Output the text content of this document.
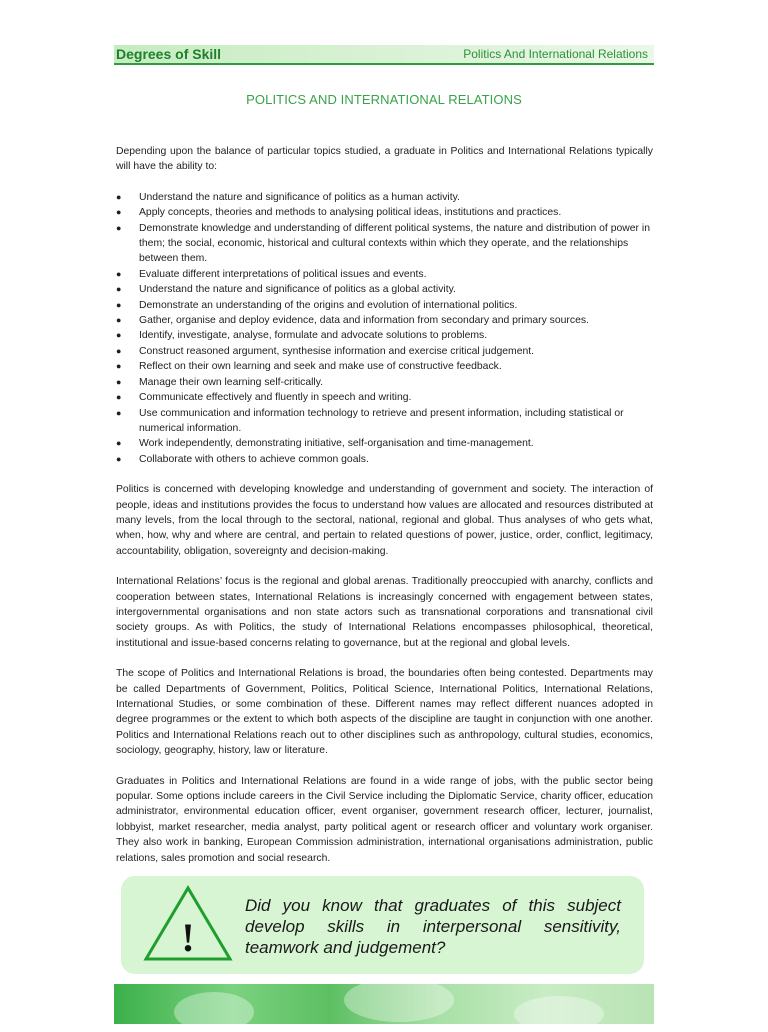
Degrees of Skill	Politics And International Relations
POLITICS AND INTERNATIONAL RELATIONS

Depending upon the balance of particular topics studied, a graduate in Politics and International Relations typically will have the ability to:

● Understand the nature and significance of politics as a human activity.
● Apply concepts, theories and methods to analysing political ideas, institutions and practices.
● Demonstrate knowledge and understanding of different political systems, the nature and distribution of power in them; the social, economic, historical and cultural contexts within which they operate, and the relationships between them.
● Evaluate different interpretations of political issues and events.
● Understand the nature and significance of politics as a global activity.
● Demonstrate an understanding of the origins and evolution of international politics.
● Gather, organise and deploy evidence, data and information from secondary and primary sources.
● Identify, investigate, analyse, formulate and advocate solutions to problems.
● Construct reasoned argument, synthesise information and exercise critical judgement.
● Reflect on their own learning and seek and make use of constructive feedback.
● Manage their own learning self-critically.
● Communicate effectively and fluently in speech and writing.
● Use communication and information technology to retrieve and present information, including statistical or numerical information.
● Work independently, demonstrating initiative, self-organisation and time-management.
● Collaborate with others to achieve common goals.

Politics is concerned with developing knowledge and understanding of government and society. The interaction of people, ideas and institutions provides the focus to understand how values are allocated and resources distributed at many levels, from the local through to the sectoral, national, regional and global. Thus analyses of who gets what, when, how, why and where are central, and pertain to related questions of power, justice, order, conflict, legitimacy, accountability, obligation, sovereignty and decision-making.

International Relations’ focus is the regional and global arenas. Traditionally preoccupied with anarchy, conflicts and cooperation between states, International Relations is increasingly concerned with engagement between states, intergovernmental organisations and non state actors such as transnational corporations and transnational civil society groups. As with Politics, the study of International Relations encompasses philosophical, theoretical, institutional and issue-based concerns relating to governance, but at the regional and global levels.

The scope of Politics and International Relations is broad, the boundaries often being contested. Departments may be called Departments of Government, Politics, Political Science, International Politics, International Relations, International Studies, or some combination of these. Different names may reflect different nuances adopted in degree programmes or the extent to which both aspects of the discipline are taught in conjunction with one another. Politics and International Relations reach out to other disciplines such as anthropology, cultural studies, economics, sociology, geography, history, law or literature.

Graduates in Politics and International Relations are found in a wide range of jobs, with the public sector being popular. Some options include careers in the Civil Service including the Diplomatic Service, charity officer, education administrator, environmental education officer, event organiser, government research officer, lecturer, journalist, lobbyist, market researcher, media analyst, party political agent or research officer and voluntary work organiser. They also work in banking, European Commission administration, international organisations administration, public relations, sales promotion and social research.

!
Did you know that graduates of this subject develop skills in interpersonal sensitivity, teamwork and judgement?
